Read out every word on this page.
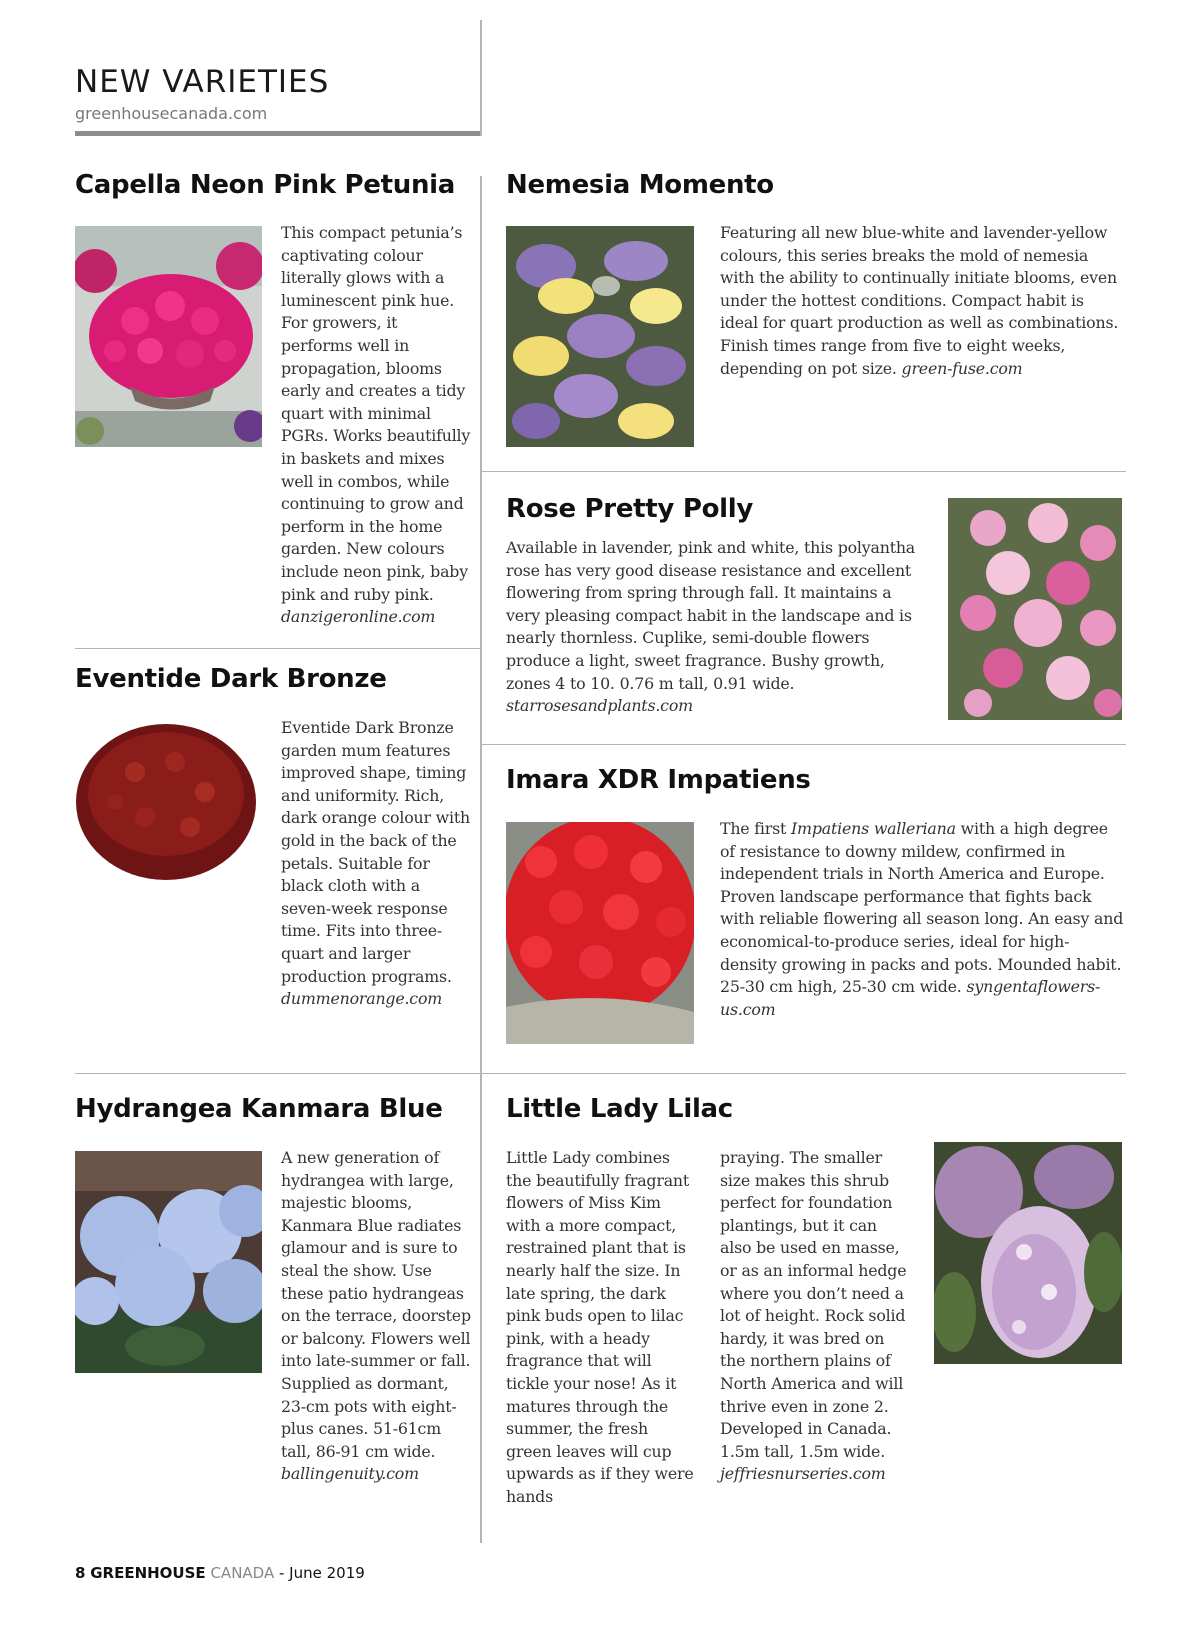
NEW VARIETIES
greenhousecanada.com
Capella Neon Pink Petunia

This compact petunia’s captivating colour literally glows with a luminescent pink hue. For growers, it performs well in propagation, blooms early and creates a tidy quart with minimal PGRs. Works beautifully in baskets and mixes well in combos, while continuing to grow and perform in the home garden. New colours include neon pink, baby pink and ruby pink.
danzigeronline.com

Nemesia Momento

Featuring all new blue-white and lavender-yellow colours, this series breaks the mold of nemesia with the ability to continually initiate blooms, even under the hottest conditions. Compact habit is ideal for quart production as well as combinations. Finish times range from five to eight weeks, depending on pot size. green-fuse.com

Rose Pretty Polly

Available in lavender, pink and white, this polyantha rose has very good disease resistance and excellent flowering from spring through fall. It maintains a very pleasing compact habit in the landscape and is nearly thornless. Cuplike, semi-double flowers produce a light, sweet fragrance. Bushy growth, zones 4 to 10. 0.76 m tall, 0.91 wide.
starrosesandplants.com

Eventide Dark Bronze

Eventide Dark Bronze garden mum features improved shape, timing and uniformity. Rich, dark orange colour with gold in the back of the petals. Suitable for black cloth with a seven-week response time. Fits into three-quart and larger production programs.
dummenorange.com

Imara XDR Impatiens

The first Impatiens walleriana with a high degree of resistance to downy mildew, confirmed in independent trials in North America and Europe. Proven landscape performance that fights back with reliable flowering all season long. An easy and economical-to-produce series, ideal for high-density growing in packs and pots. Mounded habit. 25-30 cm high, 25-30 cm wide. syngentaflowers-us.com

Hydrangea Kanmara Blue

A new generation of hydrangea with large, majestic blooms, Kanmara Blue radiates glamour and is sure to steal the show. Use these patio hydrangeas on the terrace, doorstep or balcony. Flowers well into late-summer or fall. Supplied as dormant, 23-cm pots with eight-plus canes. 51-61cm tall, 86-91 cm wide. ballingenuity.com

Little Lady Lilac

Little Lady combines the beautifully fragrant flowers of Miss Kim with a more compact, restrained plant that is nearly half the size. In late spring, the dark pink buds open to lilac pink, with a heady fragrance that will tickle your nose! As it matures through the summer, the fresh green leaves will cup upwards as if they were hands

praying. The smaller size makes this shrub perfect for foundation plantings, but it can also be used en masse, or as an informal hedge where you don’t need a lot of height. Rock solid hardy, it was bred on the northern plains of North America and will thrive even in zone 2. Developed in Canada. 1.5m tall, 1.5m wide.
jeffriesnurseries.com

8 GREENHOUSE CANADA - June 2019
